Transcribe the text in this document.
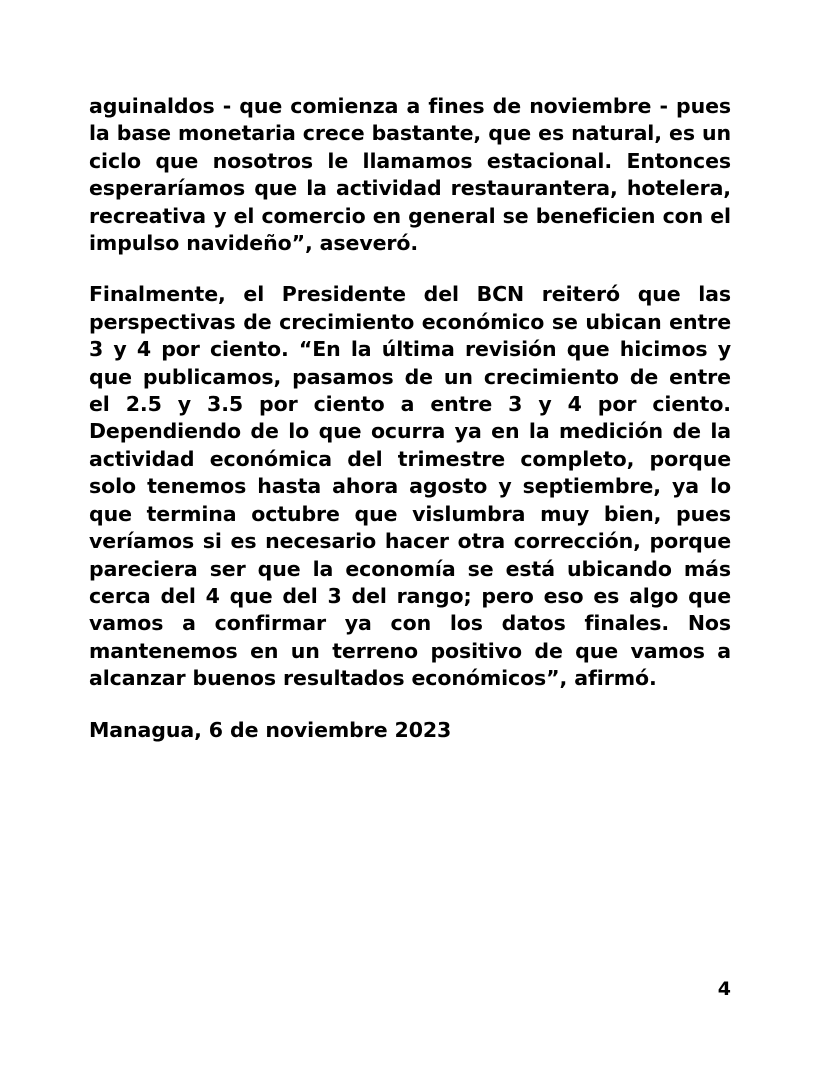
aguinaldos - que comienza a fines de noviembre - pues la base monetaria crece bastante, que es natural, es un ciclo que nosotros le llamamos estacional. Entonces esperaríamos que la actividad restaurantera, hotelera, recreativa y el comercio en general se beneficien con el impulso navideño”, aseveró.

Finalmente, el Presidente del BCN reiteró que las perspectivas de crecimiento económico se ubican entre 3 y 4 por ciento. “En la última revisión que hicimos y que publicamos, pasamos de un crecimiento de entre el 2.5 y 3.5 por ciento a entre 3 y 4 por ciento. Dependiendo de lo que ocurra ya en la medición de la actividad económica del trimestre completo, porque solo tenemos hasta ahora agosto y septiembre, ya lo que termina octubre que vislumbra muy bien, pues veríamos si es necesario hacer otra corrección, porque pareciera ser que la economía se está ubicando más cerca del 4 que del 3 del rango; pero eso es algo que vamos a confirmar ya con los datos finales. Nos mantenemos en un terreno positivo de que vamos a alcanzar buenos resultados económicos”, afirmó.

Managua, 6 de noviembre 2023

4
